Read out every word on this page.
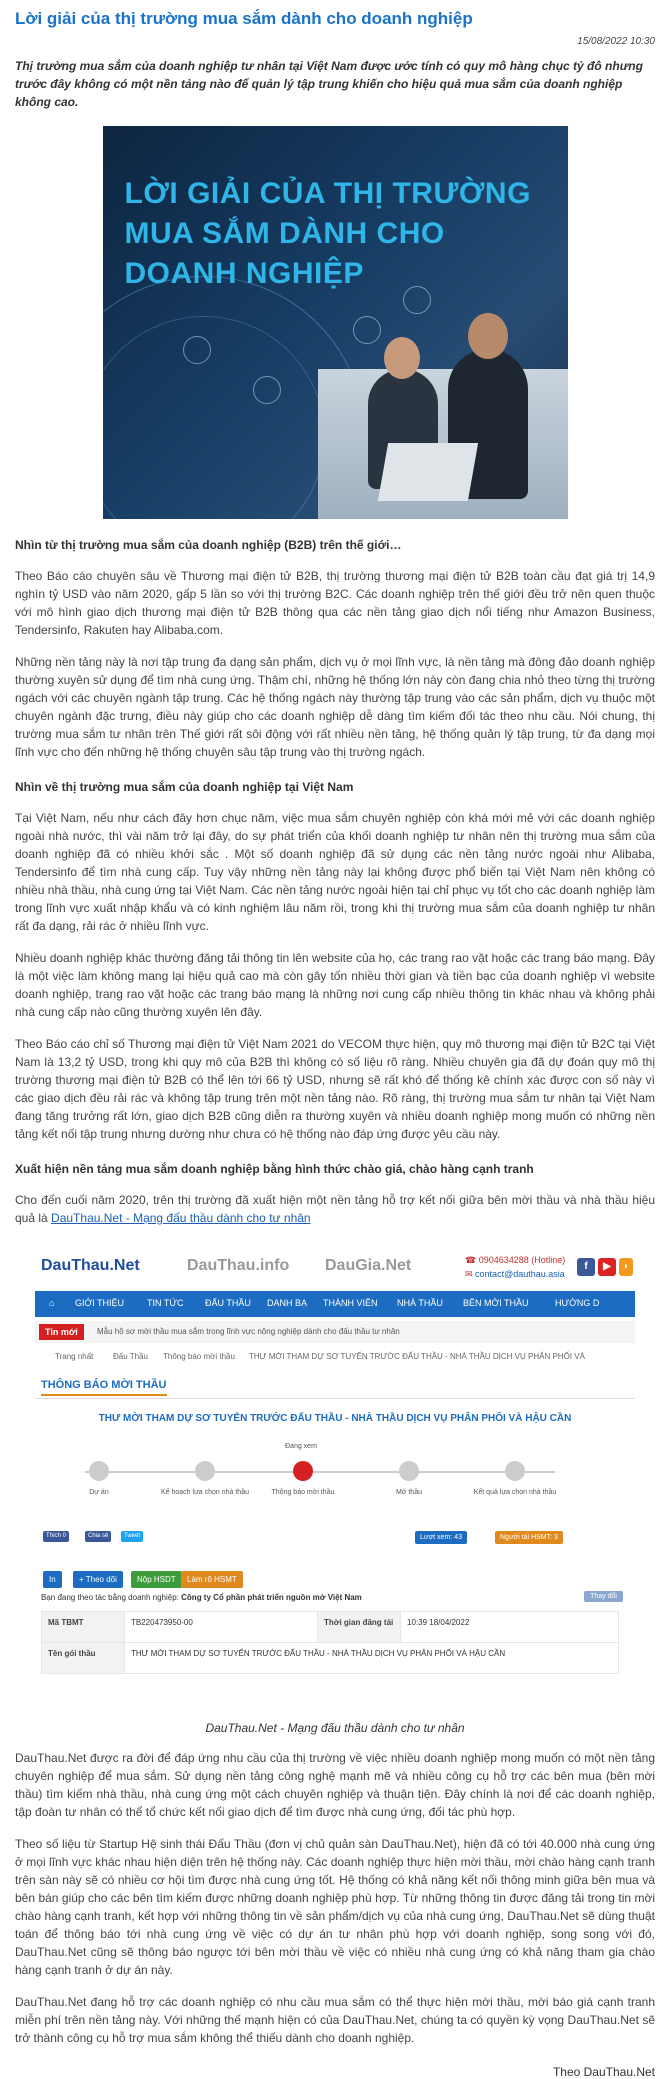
Lời giải của thị trường mua sắm dành cho doanh nghiệp
15/08/2022 10:30

Thị trường mua sắm của doanh nghiệp tư nhân tại Việt Nam được ước tính có quy mô hàng chục tỷ đô nhưng trước đây không có một nền tảng nào để quản lý tập trung khiến cho hiệu quả mua sắm của doanh nghiệp không cao.

LỜI GIẢI CỦA THỊ TRƯỜNG
MUA SẮM DÀNH CHO
DOANH NGHIỆP
Nhìn từ thị trường mua sắm của doanh nghiệp (B2B) trên thế giới…

Theo Báo cáo chuyên sâu về Thương mại điện tử B2B, thị trường thương mại điện tử B2B toàn cầu đạt giá trị 14,9 nghìn tỷ USD vào năm 2020, gấp 5 lần so với thị trường B2C. Các doanh nghiệp trên thế giới đều trở nên quen thuộc với mô hình giao dịch thương mại điện tử B2B thông qua các nền tảng giao dịch nổi tiếng như Amazon Business, Tendersinfo, Rakuten hay Alibaba.com.

Những nền tảng này là nơi tập trung đa dạng sản phẩm, dịch vụ ở mọi lĩnh vực, là nền tảng mà đông đảo doanh nghiệp thường xuyên sử dụng để tìm nhà cung ứng. Thậm chí, những hệ thống lớn này còn đang chia nhỏ theo từng thị trường ngách với các chuyên ngành tập trung. Các hệ thống ngách này thường tập trung vào các sản phẩm, dịch vụ thuộc một chuyên ngành đặc trưng, điều này giúp cho các doanh nghiệp dễ dàng tìm kiếm đối tác theo nhu cầu. Nói chung, thị trường mua sắm tư nhân trên Thế giới rất sôi động với rất nhiều nền tảng, hệ thống quản lý tập trung, từ đa dạng mọi lĩnh vực cho đến những hệ thống chuyên sâu tập trung vào thị trường ngách.

Nhìn về thị trường mua sắm của doanh nghiệp tại Việt Nam

Tại Việt Nam, nếu như cách đây hơn chục năm, việc mua sắm chuyên nghiệp còn khá mới mẻ với các doanh nghiệp ngoài nhà nước, thì vài năm trở lại đây, do sự phát triển của khối doanh nghiệp tư nhân nên thị trường mua sắm của doanh nghiệp đã có nhiều khởi sắc . Một số doanh nghiệp đã sử dụng các nền tảng nước ngoài như Alibaba, Tendersinfo để tìm nhà cung cấp. Tuy vậy những nền tảng này lại không được phổ biến tại Việt Nam nên không có nhiều nhà thầu, nhà cung ứng tại Việt Nam. Các nền tảng nước ngoài hiện tại chỉ phục vụ tốt cho các doanh nghiệp làm trong lĩnh vực xuất nhập khẩu và có kinh nghiệm lâu năm rồi, trong khi thị trường mua sắm của doanh nghiệp tư nhân rất đa dạng, rải rác ở nhiều lĩnh vực.

Nhiều doanh nghiệp khác thường đăng tải thông tin lên website của họ, các trang rao vặt hoặc các trang báo mạng. Đây là một việc làm không mang lại hiệu quả cao mà còn gây tốn nhiều thời gian và tiền bạc của doanh nghiệp vì website doanh nghiệp, trang rao vặt hoặc các trang báo mạng là những nơi cung cấp nhiều thông tin khác nhau và không phải nhà cung cấp nào cũng thường xuyên lên đây.

Theo Báo cáo chỉ số Thương mại điện tử Việt Nam 2021 do VECOM thực hiện, quy mô thương mại điện tử B2C tại Việt Nam là 13,2 tỷ USD, trong khi quy mô của B2B thì không có số liệu rõ ràng. Nhiều chuyên gia đã dự đoán quy mô thị trường thương mại điện tử B2B có thể lên tới 66 tỷ USD, nhưng sẽ rất khó để thống kê chính xác được con số này vì các giao dịch đều rải rác và không tập trung trên một nền tảng nào. Rõ ràng, thị trường mua sắm tư nhân tại Việt Nam đang tăng trưởng rất lớn, giao dịch B2B cũng diễn ra thường xuyên và nhiều doanh nghiệp mong muốn có những nền tảng kết nối tập trung nhưng dường như chưa có hệ thống nào đáp ứng được yêu cầu này.

Xuất hiện nền tảng mua sắm doanh nghiệp bằng hình thức chào giá, chào hàng cạnh tranh

Cho đến cuối năm 2020, trên thị trường đã xuất hiện một nền tảng hỗ trợ kết nối giữa bên mời thầu và nhà thầu hiệu quả là DauThau.Net - Mạng đấu thầu dành cho tư nhân

DauThau.Net	DauThau.info DauGia.Net	☎ 0904634288 (Hotline)
✉ contact@dauthau.asia
f	▶	◗
⌂ GIỚI THIỆU	TIN TỨC ĐẤU THẦU DANH BẠ THÀNH VIÊN NHÀ THẦU BÊN MỜI THẦU	HƯỚNG D
Tin mới	Mẫu hồ sơ mời thầu mua sắm trong lĩnh vực nông nghiệp dành cho đấu thầu tư nhân
Trang nhất Đấu Thầu Thông báo mời thầu THƯ MỜI THAM DỰ SƠ TUYỂN TRƯỚC ĐẤU THẦU - NHÀ THẦU DỊCH VỤ PHÂN PHỐI VÀ
THÔNG BÁO MỜI THẦU
THƯ MỜI THAM DỰ SƠ TUYỂN TRƯỚC ĐẤU THẦU - NHÀ THẦU DỊCH VỤ PHÂN PHỐI VÀ HẬU CẦN
Đang xem
Dự án	Kế hoạch lựa chọn nhà thầu	Thông báo mời thầu	Mở thầu	Kết quả lựa chọn nhà thầu
Thích 0	Chia sẻ	Tweet	Lượt xem: 43	Người tải HSMT: 3
In	+ Theo dõi	Nộp HSDT	Làm rõ HSMT
Bạn đang theo tác bằng doanh nghiệp: Công ty Cổ phần phát triển nguồn mở Việt Nam	Thay đổi
Mã TBMT	TB220473950-00	Thời gian đăng tải	10:39 18/04/2022
Tên gói thầu	THƯ MỜI THAM DỰ SƠ TUYỂN TRƯỚC ĐẤU THẦU - NHÀ THẦU DỊCH VỤ PHÂN PHỐI VÀ HẬU CẦN		
DauThau.Net - Mạng đấu thầu dành cho tư nhân

DauThau.Net được ra đời để đáp ứng nhu cầu của thị trường về việc nhiều doanh nghiệp mong muốn có một nền tảng chuyên nghiệp để mua sắm. Sử dụng nền tảng công nghệ mạnh mẽ và nhiều công cụ hỗ trợ các bên mua (bên mời thầu) tìm kiếm nhà thầu, nhà cung ứng một cách chuyên nghiệp và thuận tiện. Đây chính là nơi để các doanh nghiệp, tập đoàn tư nhân có thể tổ chức kết nối giao dịch để tìm được nhà cung ứng, đối tác phù hợp.

Theo số liệu từ Startup Hệ sinh thái Đấu Thầu (đơn vị chủ quản sàn DauThau.Net), hiện đã có tới 40.000 nhà cung ứng ở mọi lĩnh vực khác nhau hiện diện trên hệ thống này. Các doanh nghiệp thực hiện mời thầu, mời chào hàng cạnh tranh trên sàn này sẽ có nhiều cơ hội tìm được nhà cung ứng tốt. Hệ thống có khả năng kết nối thông minh giữa bên mua và bên bán giúp cho các bên tìm kiếm được những doanh nghiệp phù hợp. Từ những thông tin được đăng tải trong tin mời chào hàng cạnh tranh, kết hợp với những thông tin về sản phẩm/dịch vụ của nhà cung ứng, DauThau.Net sẽ dùng thuật toán để thông báo tới nhà cung ứng về việc có dự án tư nhân phù hợp với doanh nghiệp, song song với đó, DauThau.Net cũng sẽ thông báo ngược tới bên mời thầu về việc có nhiều nhà cung ứng có khả năng tham gia chào hàng cạnh tranh ở dự án này.

DauThau.Net đang hỗ trợ các doanh nghiệp có nhu cầu mua sắm có thể thực hiện mời thầu, mời báo giá cạnh tranh miễn phí trên nền tảng này. Với những thế mạnh hiện có của DauThau.Net, chúng ta có quyền kỳ vọng DauThau.Net sẽ trở thành công cụ hỗ trợ mua sắm không thể thiếu dành cho doanh nghiệp.

Theo DauThau.Net
